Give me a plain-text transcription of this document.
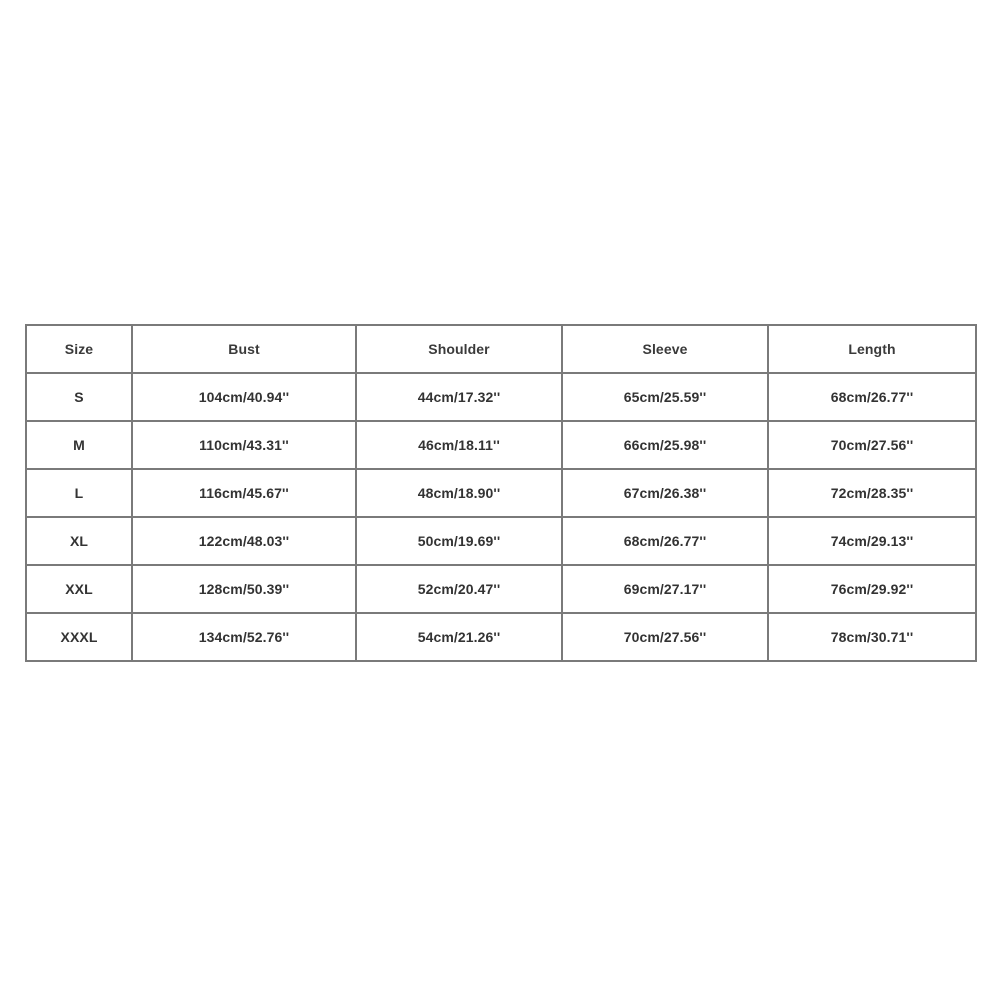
Size	Bust	Shoulder	Sleeve	Length
S	104cm/40.94''	44cm/17.32''	65cm/25.59''	68cm/26.77''
M	110cm/43.31''	46cm/18.11''	66cm/25.98''	70cm/27.56''
L	116cm/45.67''	48cm/18.90''	67cm/26.38''	72cm/28.35''
XL	122cm/48.03''	50cm/19.69''	68cm/26.77''	74cm/29.13''
XXL	128cm/50.39''	52cm/20.47''	69cm/27.17''	76cm/29.92''
XXXL	134cm/52.76''	54cm/21.26''	70cm/27.56''	78cm/30.71''
